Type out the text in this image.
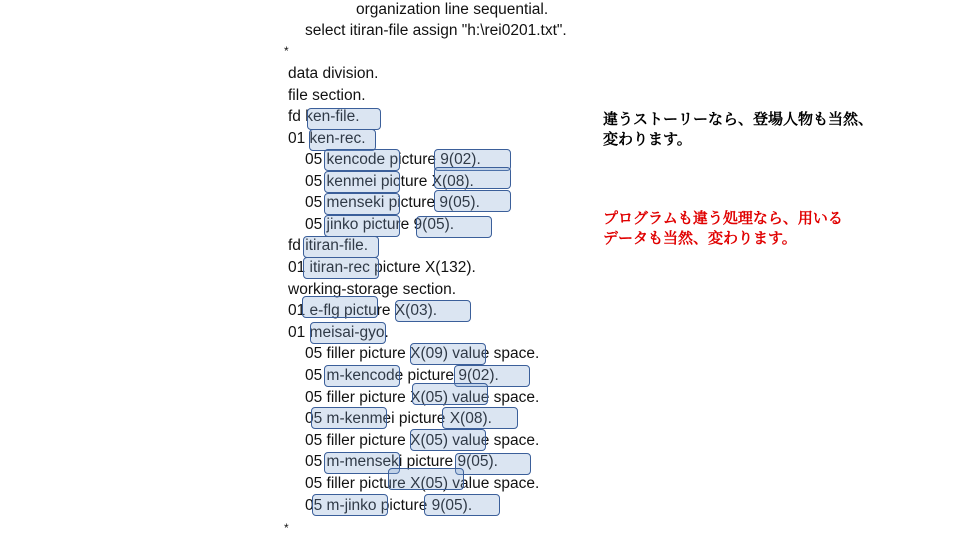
organization line sequential.
select itiran-file assign "h:\rei0201.txt".
*
data division.
file section.
fd ken-file.
01 ken-rec.
05 kencode picture 9(02).
05 kenmei picture X(08).
05 menseki picture 9(05).
05 jinko picture 9(05).
fd itiran-file.
01 itiran-rec picture X(132).
working-storage section.
01 e-flg picture X(03).
01 meisai-gyo.
05 filler picture X(09) value space.
05 m-kencode picture 9(02).
05 filler picture X(05) value space.
05 m-kenmei picture X(08).
05 filler picture X(05) value space.
05 m-menseki picture 9(05).
05 filler picture X(05) value space.
05 m-jinko picture 9(05).
*
違うストーリーなら、登場人物も当然、
変わります。
プログラムも違う処理なら、用いる
データも当然、変わります。
